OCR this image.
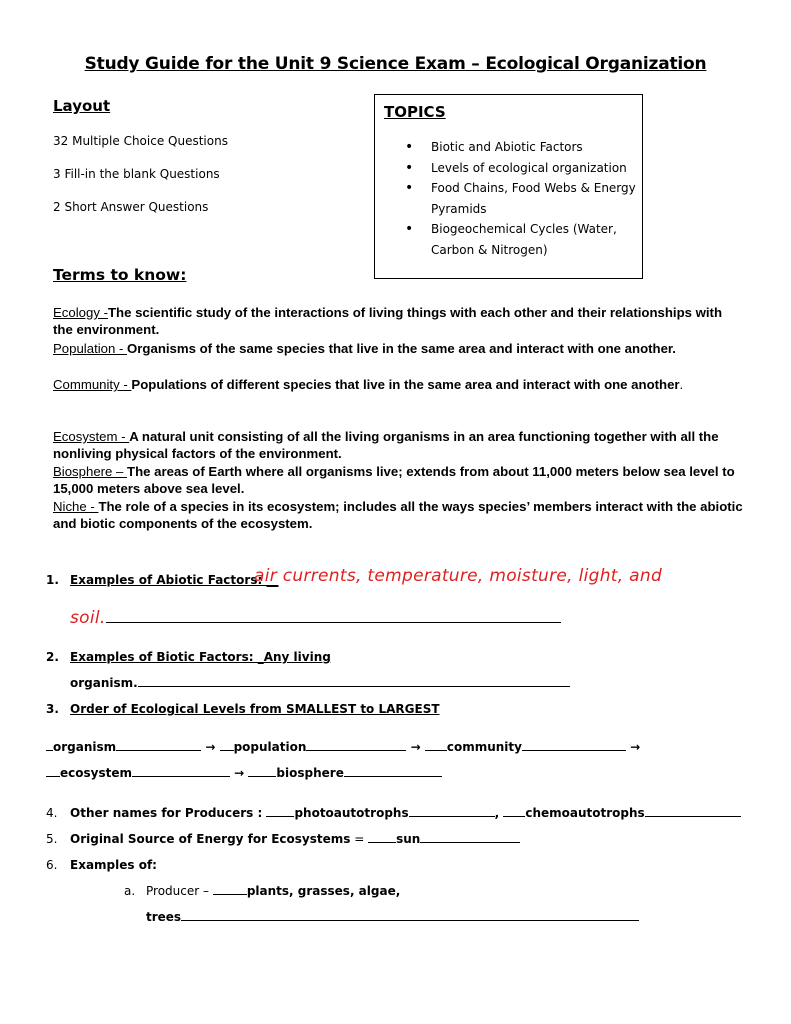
Study Guide for the Unit 9 Science Exam – Ecological Organization
Layout
32 Multiple Choice Questions
3 Fill-in the blank Questions
2 Short Answer Questions
TOPICS
• Biotic and Abiotic Factors
• Levels of ecological organization
• Food Chains, Food Webs & Energy Pyramids
• Biogeochemical Cycles (Water, Carbon & Nitrogen)
Terms to know:
Ecology -The scientific study of the interactions of living things with each other and their relationships with the environment.
Population - Organisms of the same species that live in the same area and interact with one another.
Community - Populations of different species that live in the same area and interact with one another.
Ecosystem - A natural unit consisting of all the living organisms in an area functioning together with all the nonliving physical factors of the environment.
Biosphere – The areas of Earth where all organisms live; extends from about 11,000 meters below sea level to 15,000 meters above sea level.
Niche - The role of a species in its ecosystem; includes all the ways species’ members interact with the abiotic and biotic components of the ecosystem.
1. Examples of Abiotic Factors: __
air currents, temperature, moisture, light, and
soil.
2. Examples of Biotic Factors: _Any living
organism.
3. Order of Ecological Levels from SMALLEST to LARGEST
organism	→ population	→ community	→
ecosystem	→	biosphere
4. Other names for Producers : photoautotrophs	, chemoautotrophs
5. Original Source of Energy for Ecosystems = sun
6. Examples of:
a. Producer –	plants, grasses, algae,
trees
